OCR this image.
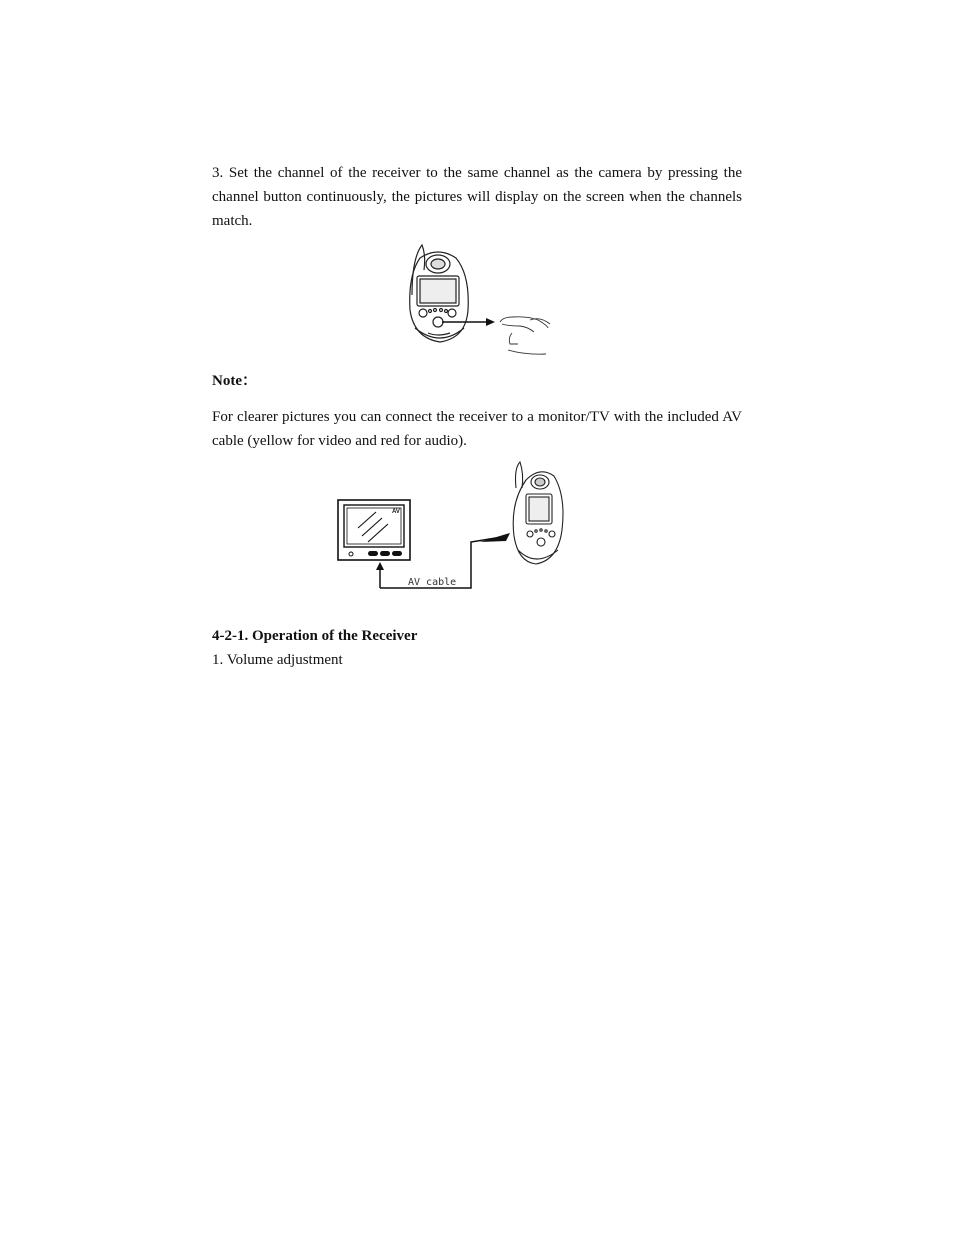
3. Set the channel of the receiver to the same channel as the camera by pressing the channel button continuously, the pictures will display on the screen when the channels match.

Note：

For clearer pictures you can connect the receiver to a monitor/TV with the included AV cable (yellow for video and red for audio).

AV
AV cable

4-2-1. Operation of the Receiver

1. Volume adjustment
